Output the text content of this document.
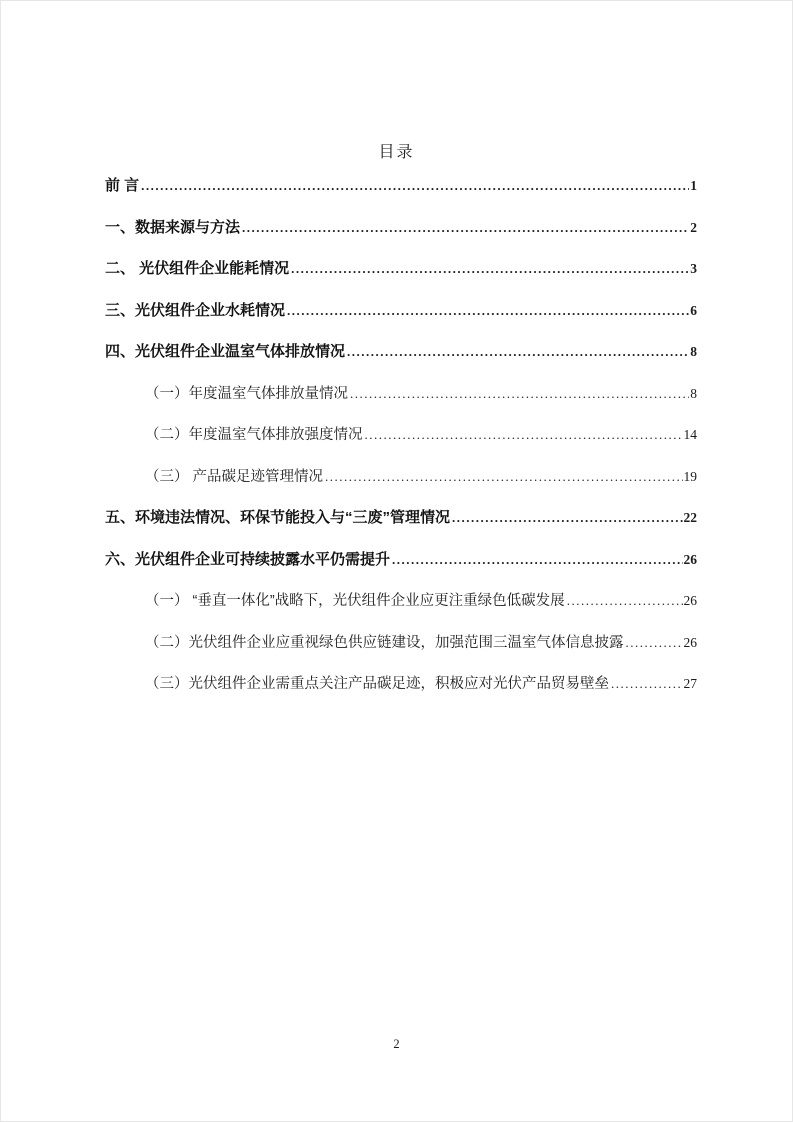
目录
前 言 .....	1
一、数据来源与方法 .....	2
二、 光伏组件企业能耗情况 .....	3
三、光伏组件企业水耗情况 .....	6
四、光伏组件企业温室气体排放情况 .....	8
（一）年度温室气体排放量情况 .....	8
（二）年度温室气体排放强度情况 .....	14
（三） 产品碳足迹管理情况 .....	19
五、环境违法情况、环保节能投入与“三废”管理情况 .....	22
六、光伏组件企业可持续披露水平仍需提升 .....	26
（一） “垂直一体化”战略下，光伏组件企业应更注重绿色低碳发展 .....	26
（二）光伏组件企业应重视绿色供应链建设，加强范围三温室气体信息披露 .....	26
（三）光伏组件企业需重点关注产品碳足迹，积极应对光伏产品贸易壁垒 .....	27
2
